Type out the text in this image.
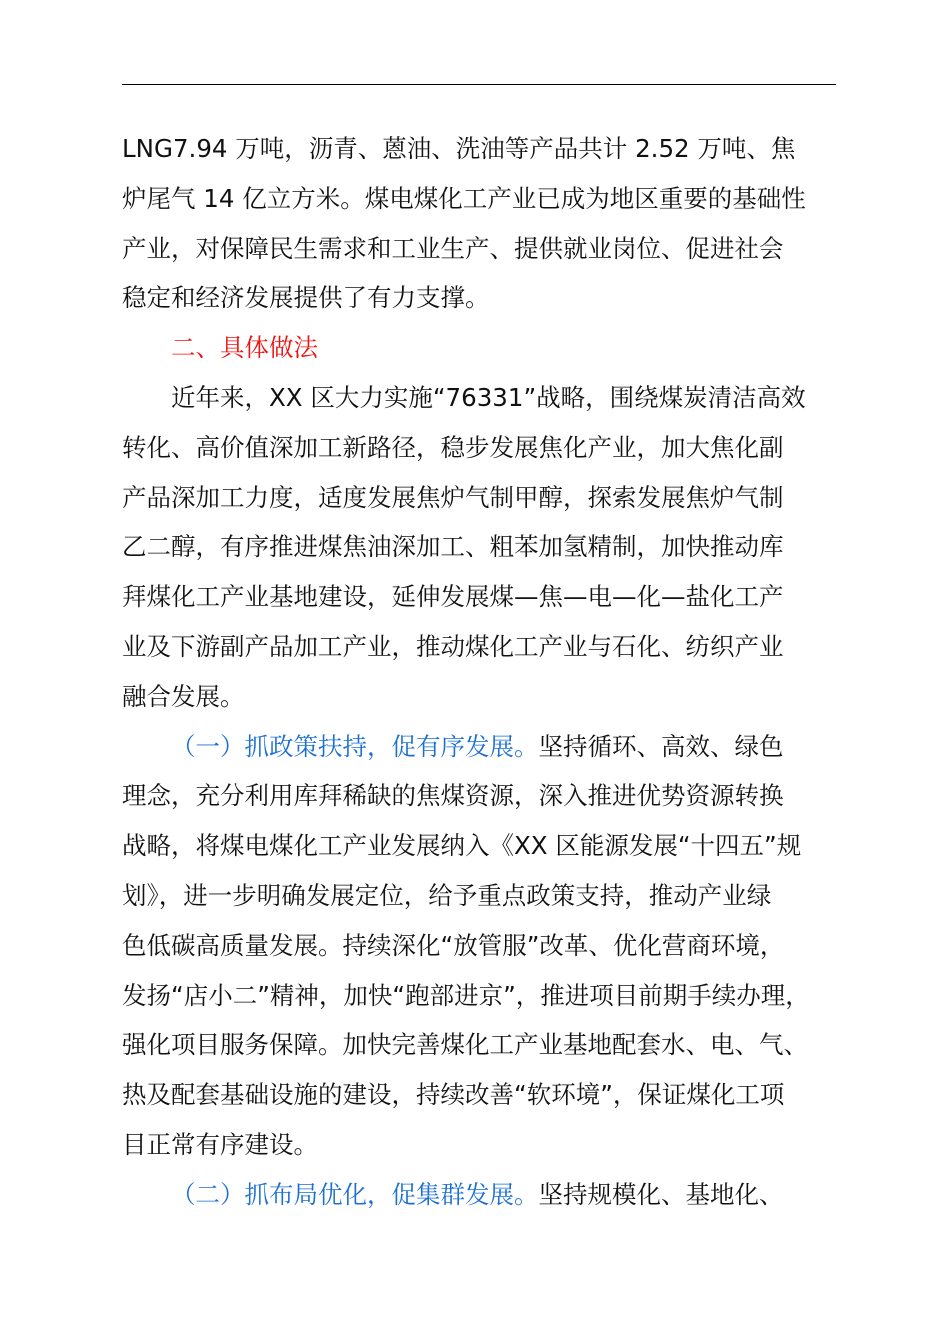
LNG7.94 万吨，沥青、蒽油、洗油等产品共计 2.52 万吨、焦
炉尾气 14 亿立方米。煤电煤化工产业已成为地区重要的基础性
产业，对保障民生需求和工业生产、提供就业岗位、促进社会
稳定和经济发展提供了有力支撑。
二、具体做法
近年来，XX 区大力实施“76331”战略，围绕煤炭清洁高效
转化、高价值深加工新路径，稳步发展焦化产业，加大焦化副
产品深加工力度，适度发展焦炉气制甲醇，探索发展焦炉气制
乙二醇，有序推进煤焦油深加工、粗苯加氢精制，加快推动库
拜煤化工产业基地建设，延伸发展煤—焦—电—化—盐化工产
业及下游副产品加工产业，推动煤化工产业与石化、纺织产业
融合发展。
（一）抓政策扶持，促有序发展。坚持循环、高效、绿色
理念，充分利用库拜稀缺的焦煤资源，深入推进优势资源转换
战略，将煤电煤化工产业发展纳入《XX 区能源发展“十四五”规
划》，进一步明确发展定位，给予重点政策支持，推动产业绿
色低碳高质量发展。持续深化“放管服”改革、优化营商环境，
发扬“店小二”精神，加快“跑部进京”，推进项目前期手续办理，
强化项目服务保障。加快完善煤化工产业基地配套水、电、气、
热及配套基础设施的建设，持续改善“软环境”，保证煤化工项
目正常有序建设。
（二）抓布局优化，促集群发展。坚持规模化、基地化、
